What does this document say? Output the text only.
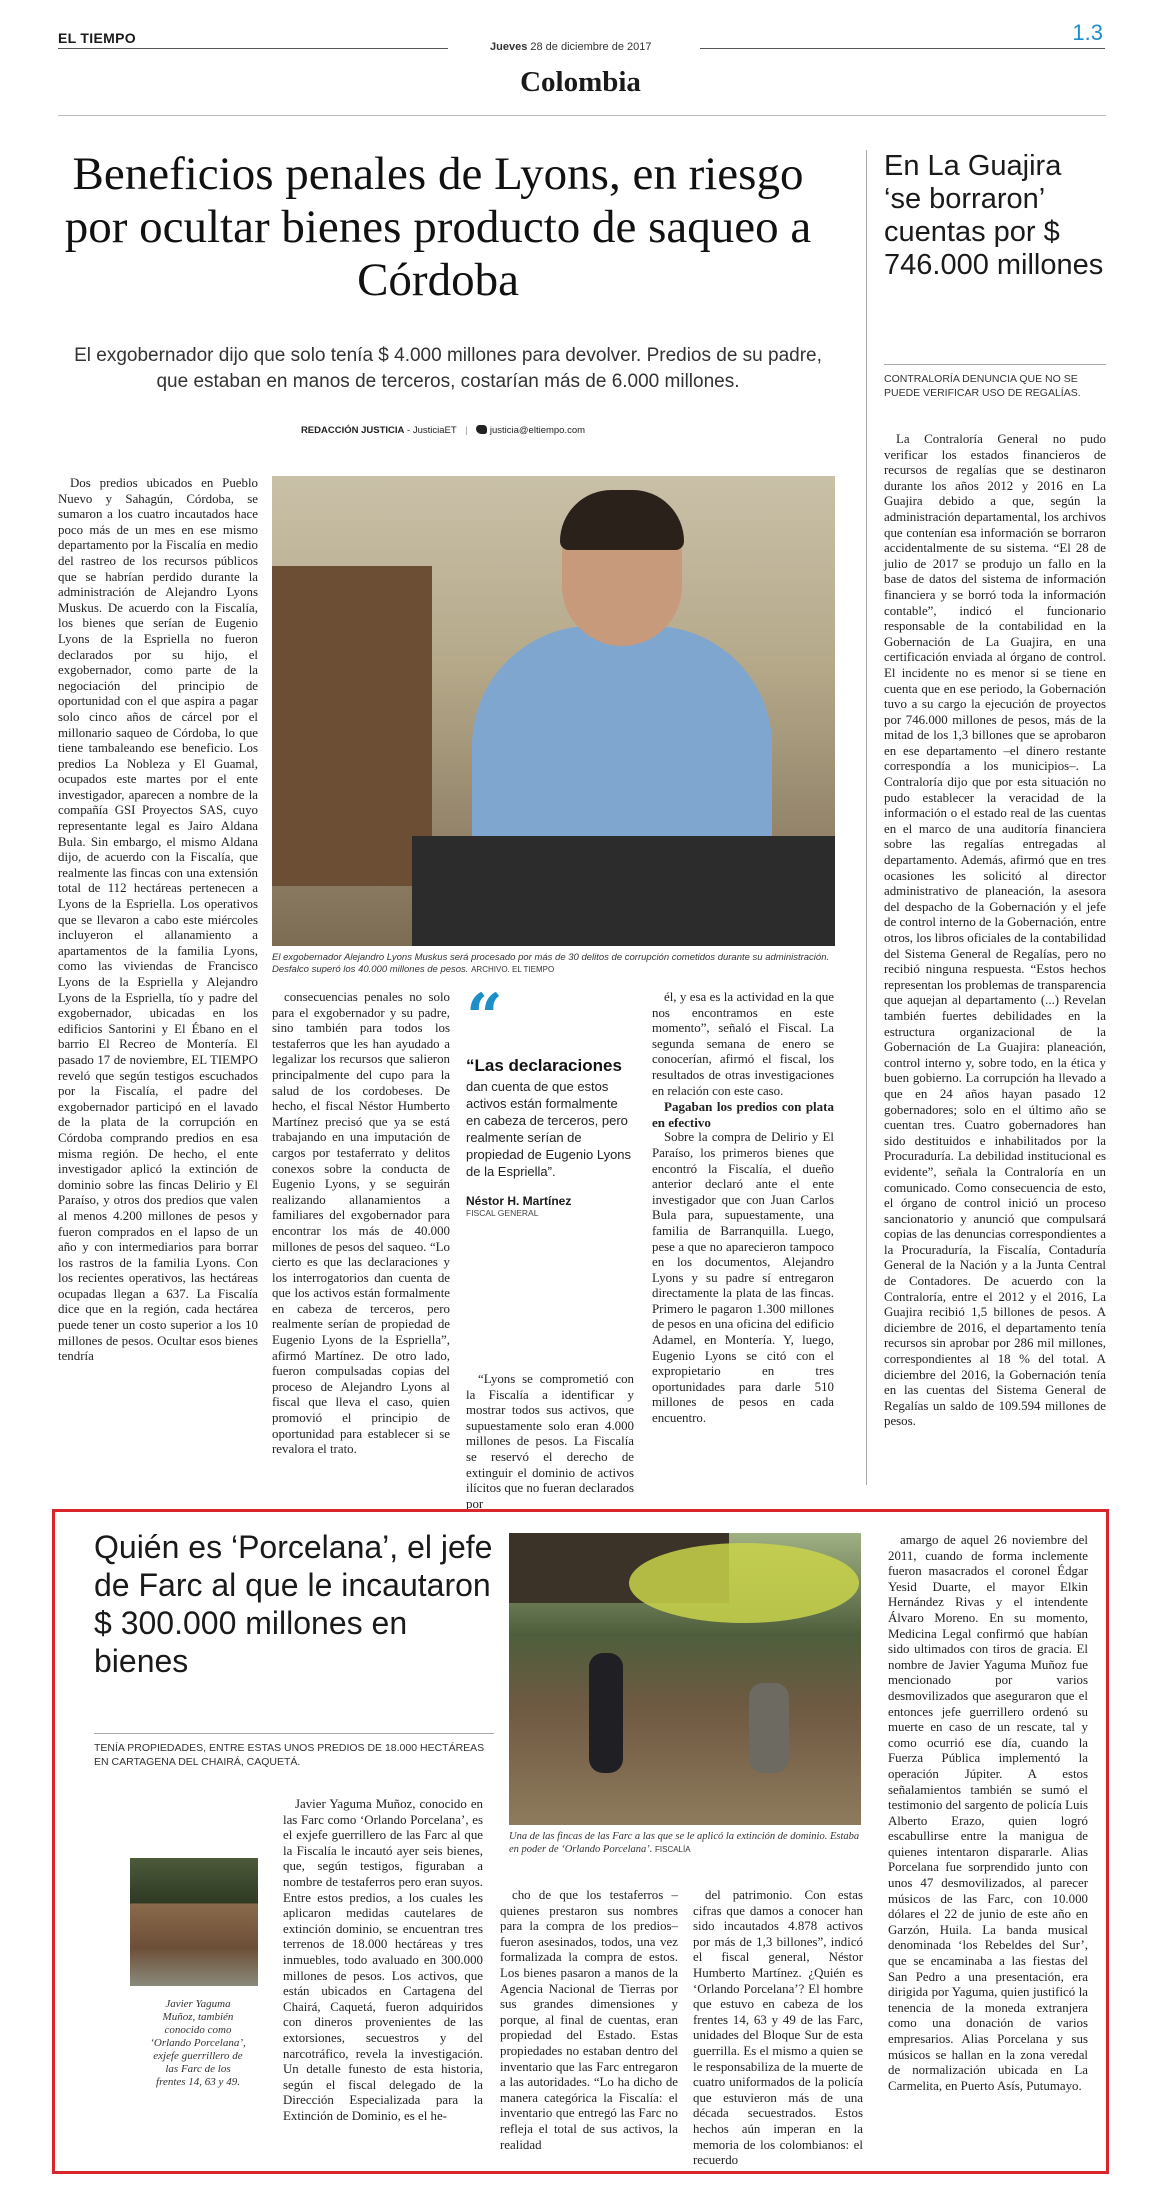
EL TIEMPO
Jueves 28 de diciembre de 2017
1.3
Colombia
Beneficios penales de Lyons, en riesgo por ocultar bienes producto de saqueo a Córdoba
El exgobernador dijo que solo tenía $ 4.000 millones para devolver. Predios de su padre, que estaban en manos de terceros, costarían más de 6.000 millones.
REDACCIÓN JUSTICIA - JusticiaET | justicia@eltiempo.com
El exgobernador Alejandro Lyons Muskus será procesado por más de 30 delitos de corrupción cometidos durante su administración. Desfalco superó los 40.000 millones de pesos. ARCHIVO. EL TIEMPO

Dos predios ubicados en Pueblo Nuevo y Sahagún, Córdoba, se sumaron a los cuatro incautados hace poco más de un mes en ese mismo departamento por la Fiscalía en medio del rastreo de los recursos públicos que se habrían perdido durante la administración de Alejandro Lyons Muskus. De acuerdo con la Fiscalía, los bienes que serían de Eugenio Lyons de la Espriella no fueron declarados por su hijo, el exgobernador, como parte de la negociación del principio de oportunidad con el que aspira a pagar solo cinco años de cárcel por el millonario saqueo de Córdoba, lo que tiene tambaleando ese beneficio. Los predios La Nobleza y El Guamal, ocupados este martes por el ente investigador, aparecen a nombre de la compañía GSI Proyectos SAS, cuyo representante legal es Jairo Aldana Bula. Sin embargo, el mismo Aldana dijo, de acuerdo con la Fiscalía, que realmente las fincas con una extensión total de 112 hectáreas pertenecen a Lyons de la Espriella. Los operativos que se llevaron a cabo este miércoles incluyeron el allanamiento a apartamentos de la familia Lyons, como las viviendas de Francisco Lyons de la Espriella y Alejandro Lyons de la Espriella, tío y padre del exgobernador, ubicadas en los edificios Santorini y El Ébano en el barrio El Recreo de Montería. El pasado 17 de noviembre, EL TIEMPO reveló que según testigos escuchados por la Fiscalía, el padre del exgobernador participó en el lavado de la plata de la corrupción en Córdoba comprando predios en esa misma región. De hecho, el ente investigador aplicó la extinción de dominio sobre las fincas Delirio y El Paraíso, y otros dos predios que valen al menos 4.200 millones de pesos y fueron comprados en el lapso de un año y con intermediarios para borrar los rastros de la familia Lyons. Con los recientes operativos, las hectáreas ocupadas llegan a 637. La Fiscalía dice que en la región, cada hectárea puede tener un costo superior a los 10 millones de pesos. Ocultar esos bienes tendría

consecuencias penales no solo para el exgobernador y su padre, sino también para todos los testaferros que les han ayudado a legalizar los recursos que salieron principalmente del cupo para la salud de los cordobeses. De hecho, el fiscal Néstor Humberto Martínez precisó que ya se está trabajando en una imputación de cargos por testaferrato y delitos conexos sobre la conducta de Eugenio Lyons, y se seguirán realizando allanamientos a familiares del exgobernador para encontrar los más de 40.000 millones de pesos del saqueo. “Lo cierto es que las declaraciones y los interrogatorios dan cuenta de que los activos están formalmente en cabeza de terceros, pero realmente serían de propiedad de Eugenio Lyons de la Espriella”, afirmó Martínez. De otro lado, fueron compulsadas copias del proceso de Alejandro Lyons al fiscal que lleva el caso, quien promovió el principio de oportunidad para establecer si se revalora el trato.

“
“Las declaraciones
dan cuenta de que estos activos están formalmente en cabeza de terceros, pero realmente serían de propiedad de Eugenio Lyons de la Espriella”.
Néstor H. Martínez
FISCAL GENERAL

“Lyons se comprometió con la Fiscalía a identificar y mostrar todos sus activos, que supuestamente solo eran 4.000 millones de pesos. La Fiscalía se reservó el derecho de extinguir el dominio de activos ilícitos que no fueran declarados por

él, y esa es la actividad en la que nos encontramos en este momento”, señaló el Fiscal. La segunda semana de enero se conocerían, afirmó el fiscal, los resultados de otras investigaciones en relación con este caso.

Pagaban los predios con plata en efectivo

Sobre la compra de Delirio y El Paraíso, los primeros bienes que encontró la Fiscalía, el dueño anterior declaró ante el ente investigador que con Juan Carlos Bula para, supuestamente, una familia de Barranquilla. Luego, pese a que no aparecieron tampoco en los documentos, Alejandro Lyons y su padre sí entregaron directamente la plata de las fincas. Primero le pagaron 1.300 millones de pesos en una oficina del edificio Adamel, en Montería. Y, luego, Eugenio Lyons se citó con el expropietario en tres oportunidades para darle 510 millones de pesos en cada encuentro.

En La Guajira ‘se borraron’ cuentas por $ 746.000 millones
CONTRALORÍA DENUNCIA QUE NO SE PUEDE VERIFICAR USO DE REGALÍAS.

La Contraloría General no pudo verificar los estados financieros de recursos de regalías que se destinaron durante los años 2012 y 2016 en La Guajira debido a que, según la administración departamental, los archivos que contenían esa información se borraron accidentalmente de su sistema. “El 28 de julio de 2017 se produjo un fallo en la base de datos del sistema de información financiera y se borró toda la información contable”, indicó el funcionario responsable de la contabilidad en la Gobernación de La Guajira, en una certificación enviada al órgano de control. El incidente no es menor si se tiene en cuenta que en ese periodo, la Gobernación tuvo a su cargo la ejecución de proyectos por 746.000 millones de pesos, más de la mitad de los 1,3 billones que se aprobaron en ese departamento –el dinero restante correspondía a los municipios–. La Contraloría dijo que por esta situación no pudo establecer la veracidad de la información o el estado real de las cuentas en el marco de una auditoría financiera sobre las regalías entregadas al departamento. Además, afirmó que en tres ocasiones les solicitó al director administrativo de planeación, la asesora del despacho de la Gobernación y el jefe de control interno de la Gobernación, entre otros, los libros oficiales de la contabilidad del Sistema General de Regalías, pero no recibió ninguna respuesta. “Estos hechos representan los problemas de transparencia que aquejan al departamento (...) Revelan también fuertes debilidades en la estructura organizacional de la Gobernación de La Guajira: planeación, control interno y, sobre todo, en la ética y buen gobierno. La corrupción ha llevado a que en 24 años hayan pasado 12 gobernadores; solo en el último año se cuentan tres. Cuatro gobernadores han sido destituidos e inhabilitados por la Procuraduría. La debilidad institucional es evidente”, señala la Contraloría en un comunicado. Como consecuencia de esto, el órgano de control inició un proceso sancionatorio y anunció que compulsará copias de las denuncias correspondientes a la Procuraduría, la Fiscalía, Contaduría General de la Nación y a la Junta Central de Contadores. De acuerdo con la Contraloría, entre el 2012 y el 2016, La Guajira recibió 1,5 billones de pesos. A diciembre de 2016, el departamento tenía recursos sin aprobar por 286 mil millones, correspondientes al 18 % del total. A diciembre del 2016, la Gobernación tenía en las cuentas del Sistema General de Regalías un saldo de 109.594 millones de pesos.

Quién es ‘Porcelana’, el jefe de Farc al que le incautaron $ 300.000 millones en bienes
TENÍA PROPIEDADES, ENTRE ESTAS UNOS PREDIOS DE 18.000 HECTÁREAS EN CARTAGENA DEL CHAIRÁ, CAQUETÁ.
Javier Yaguma Muñoz, también conocido como ‘Orlando Porcelana’, exjefe guerrillero de las Farc de los frentes 14, 63 y 49.
Una de las fincas de las Farc a las que se le aplicó la extinción de dominio. Estaba en poder de ‘Orlando Porcelana’. FISCALÍA

Javier Yaguma Muñoz, conocido en las Farc como ‘Orlando Porcelana’, es el exjefe guerrillero de las Farc al que la Fiscalía le incautó ayer seis bienes, que, según testigos, figuraban a nombre de testaferros pero eran suyos. Entre estos predios, a los cuales les aplicaron medidas cautelares de extinción dominio, se encuentran tres terrenos de 18.000 hectáreas y tres inmuebles, todo avaluado en 300.000 millones de pesos. Los activos, que están ubicados en Cartagena del Chairá, Caquetá, fueron adquiridos con dineros provenientes de las extorsiones, secuestros y del narcotráfico, revela la investigación. Un detalle funesto de esta historia, según el fiscal delegado de la Dirección Especializada para la Extinción de Dominio, es el he-

cho de que los testaferros –quienes prestaron sus nombres para la compra de los predios– fueron asesinados, todos, una vez formalizada la compra de estos. Los bienes pasaron a manos de la Agencia Nacional de Tierras por sus grandes dimensiones y porque, al final de cuentas, eran propiedad del Estado. Estas propiedades no estaban dentro del inventario que las Farc entregaron a las autoridades. “Lo ha dicho de manera categórica la Fiscalía: el inventario que entregó las Farc no refleja el total de sus activos, la realidad

del patrimonio. Con estas cifras que damos a conocer han sido incautados 4.878 activos por más de 1,3 billones”, indicó el fiscal general, Néstor Humberto Martínez. ¿Quién es ‘Orlando Porcelana’? El hombre que estuvo en cabeza de los frentes 14, 63 y 49 de las Farc, unidades del Bloque Sur de esta guerrilla. Es el mismo a quien se le responsabiliza de la muerte de cuatro uniformados de la policía que estuvieron más de una década secuestrados. Estos hechos aún imperan en la memoria de los colombianos: el recuerdo

amargo de aquel 26 noviembre del 2011, cuando de forma inclemente fueron masacrados el coronel Édgar Yesid Duarte, el mayor Elkin Hernández Rivas y el intendente Álvaro Moreno. En su momento, Medicina Legal confirmó que habían sido ultimados con tiros de gracia. El nombre de Javier Yaguma Muñoz fue mencionado por varios desmovilizados que aseguraron que el entonces jefe guerrillero ordenó su muerte en caso de un rescate, tal y como ocurrió ese día, cuando la Fuerza Pública implementó la operación Júpiter. A estos señalamientos también se sumó el testimonio del sargento de policía Luis Alberto Erazo, quien logró escabullirse entre la manigua de quienes intentaron dispararle. Alias Porcelana fue sorprendido junto con unos 47 desmovilizados, al parecer músicos de las Farc, con 10.000 dólares el 22 de junio de este año en Garzón, Huila. La banda musical denominada ‘los Rebeldes del Sur’, que se encaminaba a las fiestas del San Pedro a una presentación, era dirigida por Yaguma, quien justificó la tenencia de la moneda extranjera como una donación de varios empresarios. Alias Porcelana y sus músicos se hallan en la zona veredal de normalización ubicada en La Carmelita, en Puerto Asís, Putumayo.
